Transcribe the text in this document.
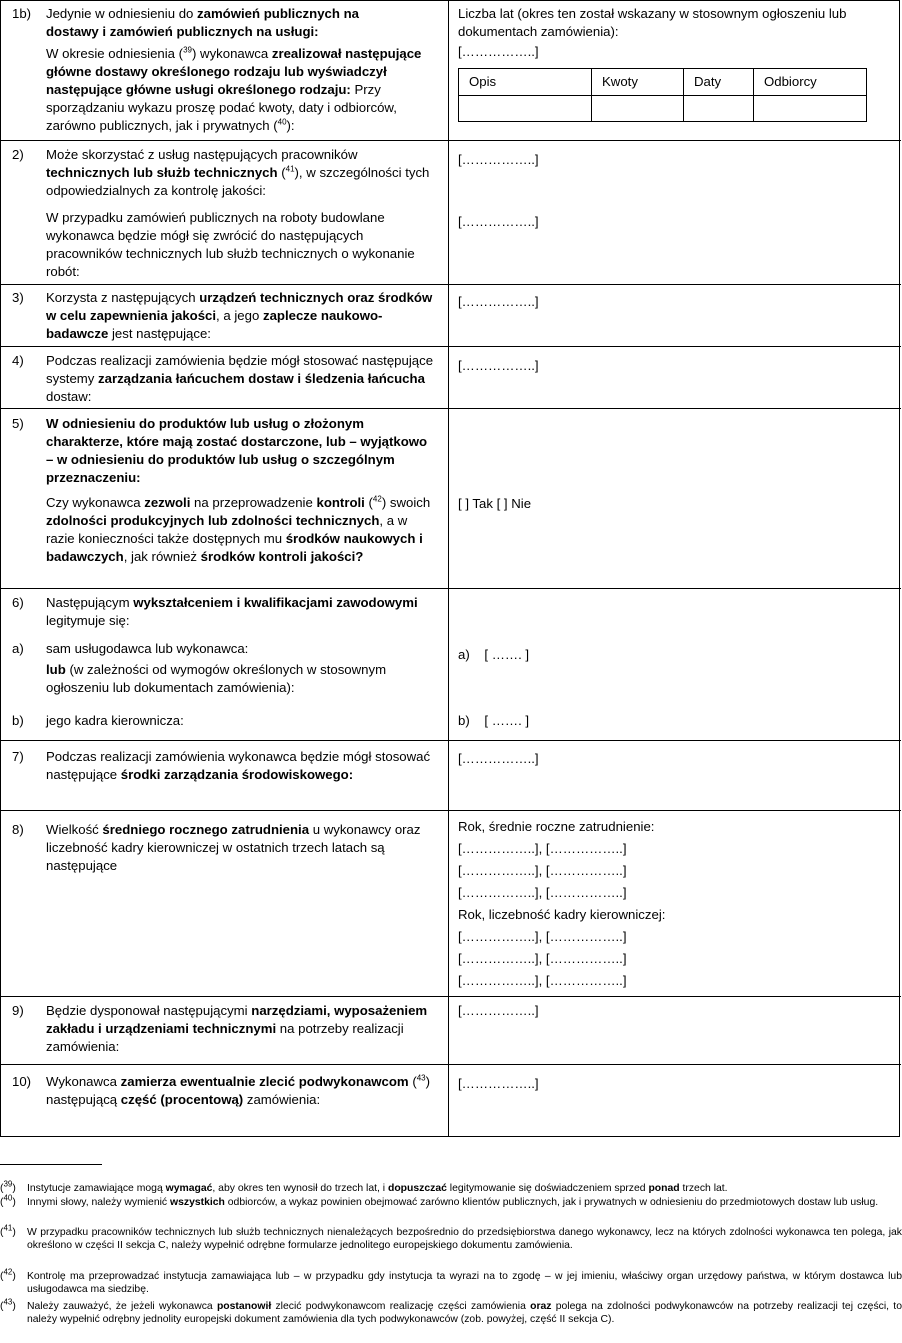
1b) Jedynie w odniesieniu do zamówień publicznych na
dostawy i zamówień publicznych na usługi:
W okresie odniesienia ($^{39}$) wykonawca zrealizował następujące główne dostawy określonego rodzaju lub wyświadczył następujące główne usługi określonego rodzaju: Przy sporządzaniu wykazu proszę podać kwoty, daty i odbiorców, zarówno publicznych, jak i prywatnych ($^{40}$):
Liczba lat (okres ten został wskazany w stosownym ogłoszeniu lub dokumentach zamówienia):
[……………..]
Opis	Kwoty	Daty	Odbiorcy
2) Może skorzystać z usług następujących pracowników technicznych lub służb technicznych ($^{41}$), w szczególności tych odpowiedzialnych za kontrolę jakości:
W przypadku zamówień publicznych na roboty budowlane wykonawca będzie mógł się zwrócić do następujących pracowników technicznych lub służb technicznych o wykonanie robót:
[……………..]
[……………..]
3) Korzysta z następujących urządzeń technicznych oraz środków w celu zapewnienia jakości, a jego zaplecze naukowo-badawcze jest następujące:
[……………..]
4) Podczas realizacji zamówienia będzie mógł stosować następujące systemy zarządzania łańcuchem dostaw i śledzenia łańcucha dostaw:
[……………..]
5) W odniesieniu do produktów lub usług o złożonym charakterze, które mają zostać dostarczone, lub – wyjątkowo – w odniesieniu do produktów lub usług o szczególnym przeznaczeniu:
Czy wykonawca zezwoli na przeprowadzenie kontroli ($^{42}$) swoich zdolności produkcyjnych lub zdolności technicznych, a w razie konieczności także dostępnych mu środków naukowych i badawczych, jak również środków kontroli jakości?
[ ] Tak [ ] Nie
6) Następującym wykształceniem i kwalifikacjami zawodowymi legitymuje się:
a) sam usługodawca lub wykonawca:
lub (w zależności od wymogów określonych w stosownym ogłoszeniu lub dokumentach zamówienia):
b) jego kadra kierownicza:
a)    [ ……. ]
b)    [ ……. ]
7) Podczas realizacji zamówienia wykonawca będzie mógł stosować następujące środki zarządzania środowiskowego:
[……………..]
8) Wielkość średniego rocznego zatrudnienia u wykonawcy oraz liczebność kadry kierowniczej w ostatnich trzech latach są następujące
Rok, średnie roczne zatrudnienie:
[……………..], [……………..]
[……………..], [……………..]
[……………..], [……………..]
Rok, liczebność kadry kierowniczej:
[……………..], [……………..]
[……………..], [……………..]
[……………..], [……………..]
9) Będzie dysponował następującymi narzędziami, wyposażeniem zakładu i urządzeniami technicznymi na potrzeby realizacji zamówienia:
[……………..]
10) Wykonawca zamierza ewentualnie zlecić podwykonawcom ($^{43}$) następującą część (procentową) zamówienia:
[……………..]
($^{39}$) Instytucje zamawiające mogą wymagać, aby okres ten wynosił do trzech lat, i dopuszczać legitymowanie się doświadczeniem sprzed ponad trzech lat.
($^{40}$) Innymi słowy, należy wymienić wszystkich odbiorców, a wykaz powinien obejmować zarówno klientów publicznych, jak i prywatnych w odniesieniu do przedmiotowych dostaw lub usług.
($^{41}$) W przypadku pracowników technicznych lub służb technicznych nienależących bezpośrednio do przedsiębiorstwa danego wykonawcy, lecz na których zdolności wykonawca ten polega, jak określono w części II sekcja C, należy wypełnić odrębne formularze jednolitego europejskiego dokumentu zamówienia.
($^{42}$) Kontrolę ma przeprowadzać instytucja zamawiająca lub – w przypadku gdy instytucja ta wyrazi na to zgodę – w jej imieniu, właściwy organ urzędowy państwa, w którym dostawca lub usługodawca ma siedzibę.
($^{43}$) Należy zauważyć, że jeżeli wykonawca postanowił zlecić podwykonawcom realizację części zamówienia oraz polega na zdolności podwykonawców na potrzeby realizacji tej części, to należy wypełnić odrębny jednolity europejski dokument zamówienia dla tych podwykonawców (zob. powyżej, część II sekcja C).
